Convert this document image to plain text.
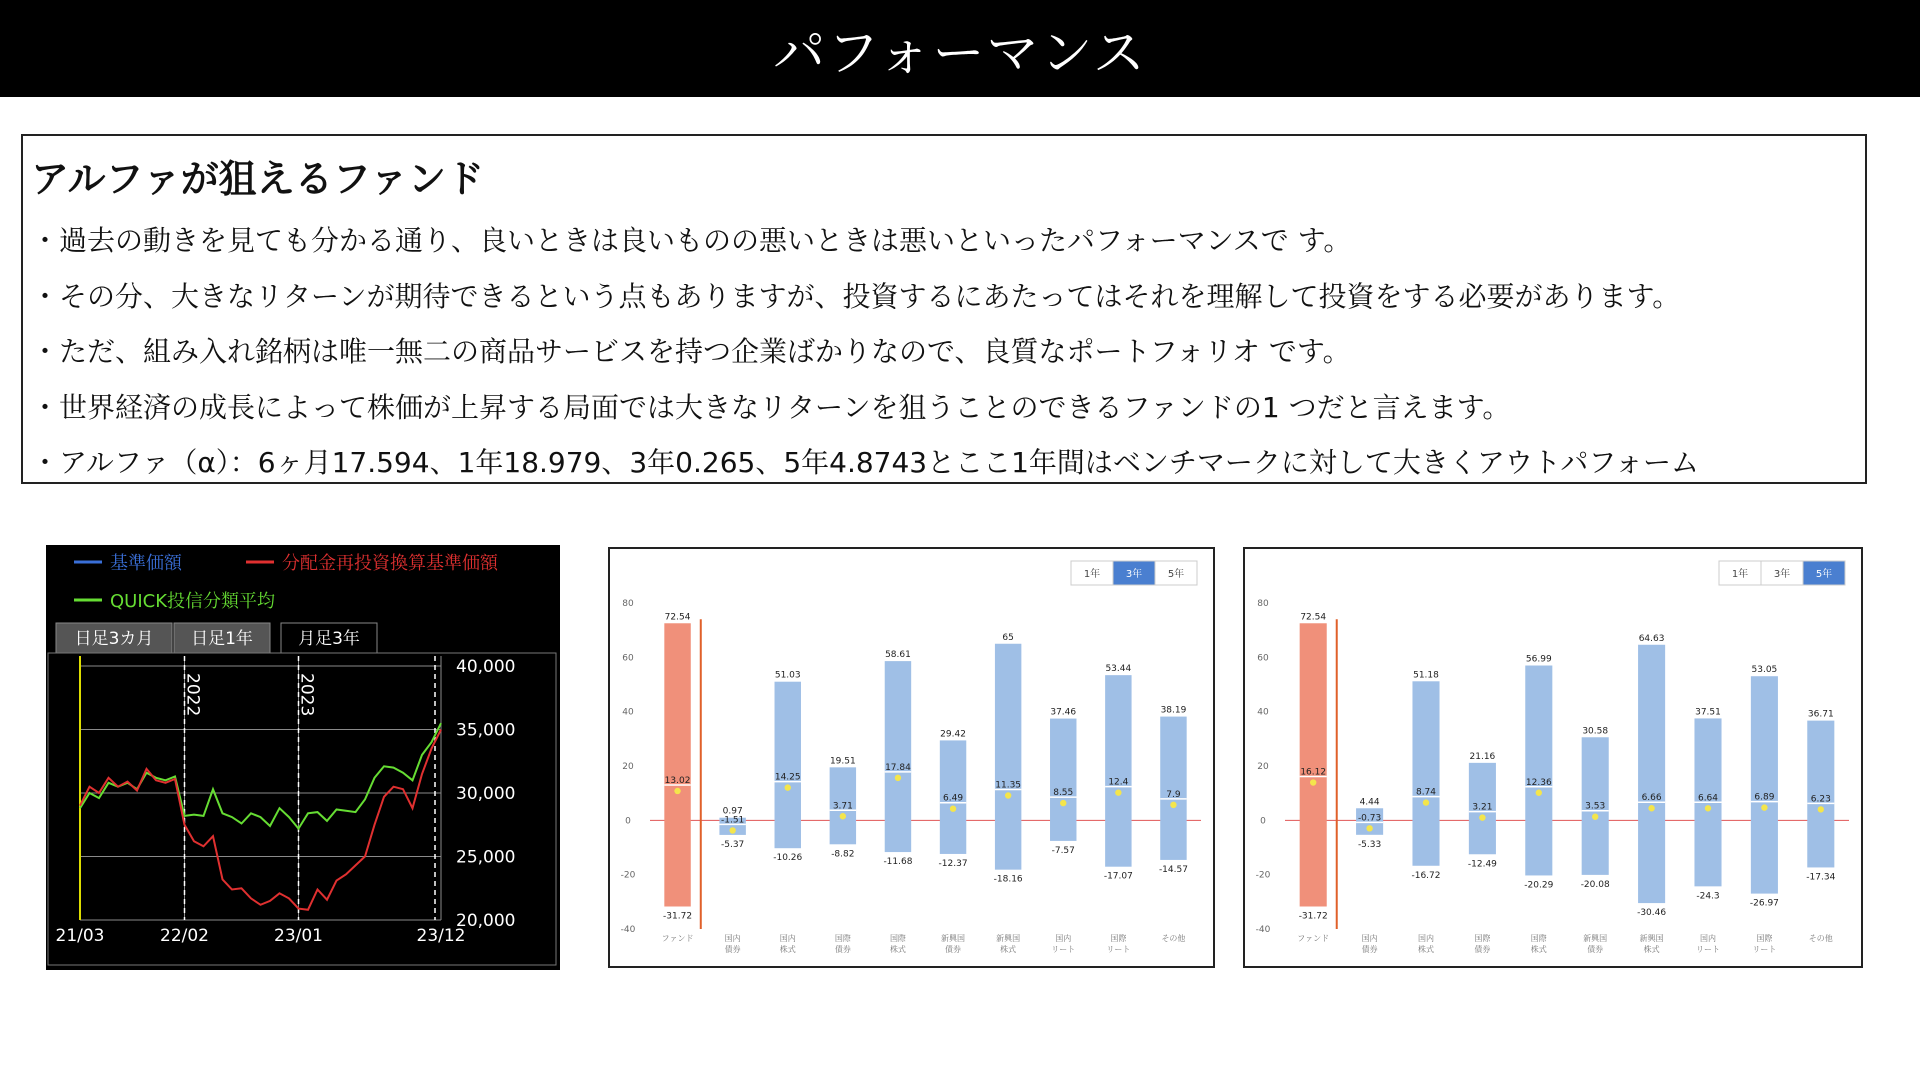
パフォーマンス
アルファが狙えるファンド
・過去の動きを見ても分かる通り、良いときは良いものの悪いときは悪いといったパフォーマンスで す。
・その分、大きなリターンが期待できるという点もありますが、投資するにあたってはそれを理解して投資をする必要があります。
・ただ、組み入れ銘柄は唯一無二の商品サービスを持つ企業ばかりなので、良質なポートフォリオ です。
・世界経済の成長によって株価が上昇する局面では大きなリターンを狙うことのできるファンドの1 つだと言えます。
・アルファ（α）：6ヶ月17.594、1年18.979、3年0.265、5年4.8743とここ1年間はベンチマークに対して大きくアウトパフォーム
基準価額	分配金再投資換算基準価額
QUICK投信分類平均
日足3カ月 日足1年	月足3年
40,000
35,000
30,000
25,000
20,000
21/03	22/02	23/01	23/12
2022	2023
1年	3年	5年
80
60
40
20
0
-20
-40
72.54
13.02
-31.72
ファンド
0.97
-1.51
-5.37
国内
債券
51.03
14.25
-10.26
国内
株式
19.51
3.71
-8.82
国際
債券
58.61
17.84
-11.68
国際
株式
29.42
6.49
-12.37
新興国
債券
65
11.35
-18.16
新興国
株式
37.46
8.55
-7.57
国内
リート
53.44
12.4
-17.07
国際
リート
38.19
7.9
-14.57
その他
1年	3年	5年
80
60
40
20
0
-20
-40
72.54
16.12
-31.72
ファンド
4.44
-0.73
-5.33
国内
債券
51.18
8.74
-16.72
国内
株式
21.16
3.21
-12.49
国際
債券
56.99
12.36
-20.29
国際
株式
30.58
3.53
-20.08
新興国
債券
64.63
6.66
-30.46
新興国
株式
37.51
6.64
-24.3
国内
リート
53.05
6.89
-26.97
国際
リート
36.71
6.23
-17.34
その他
